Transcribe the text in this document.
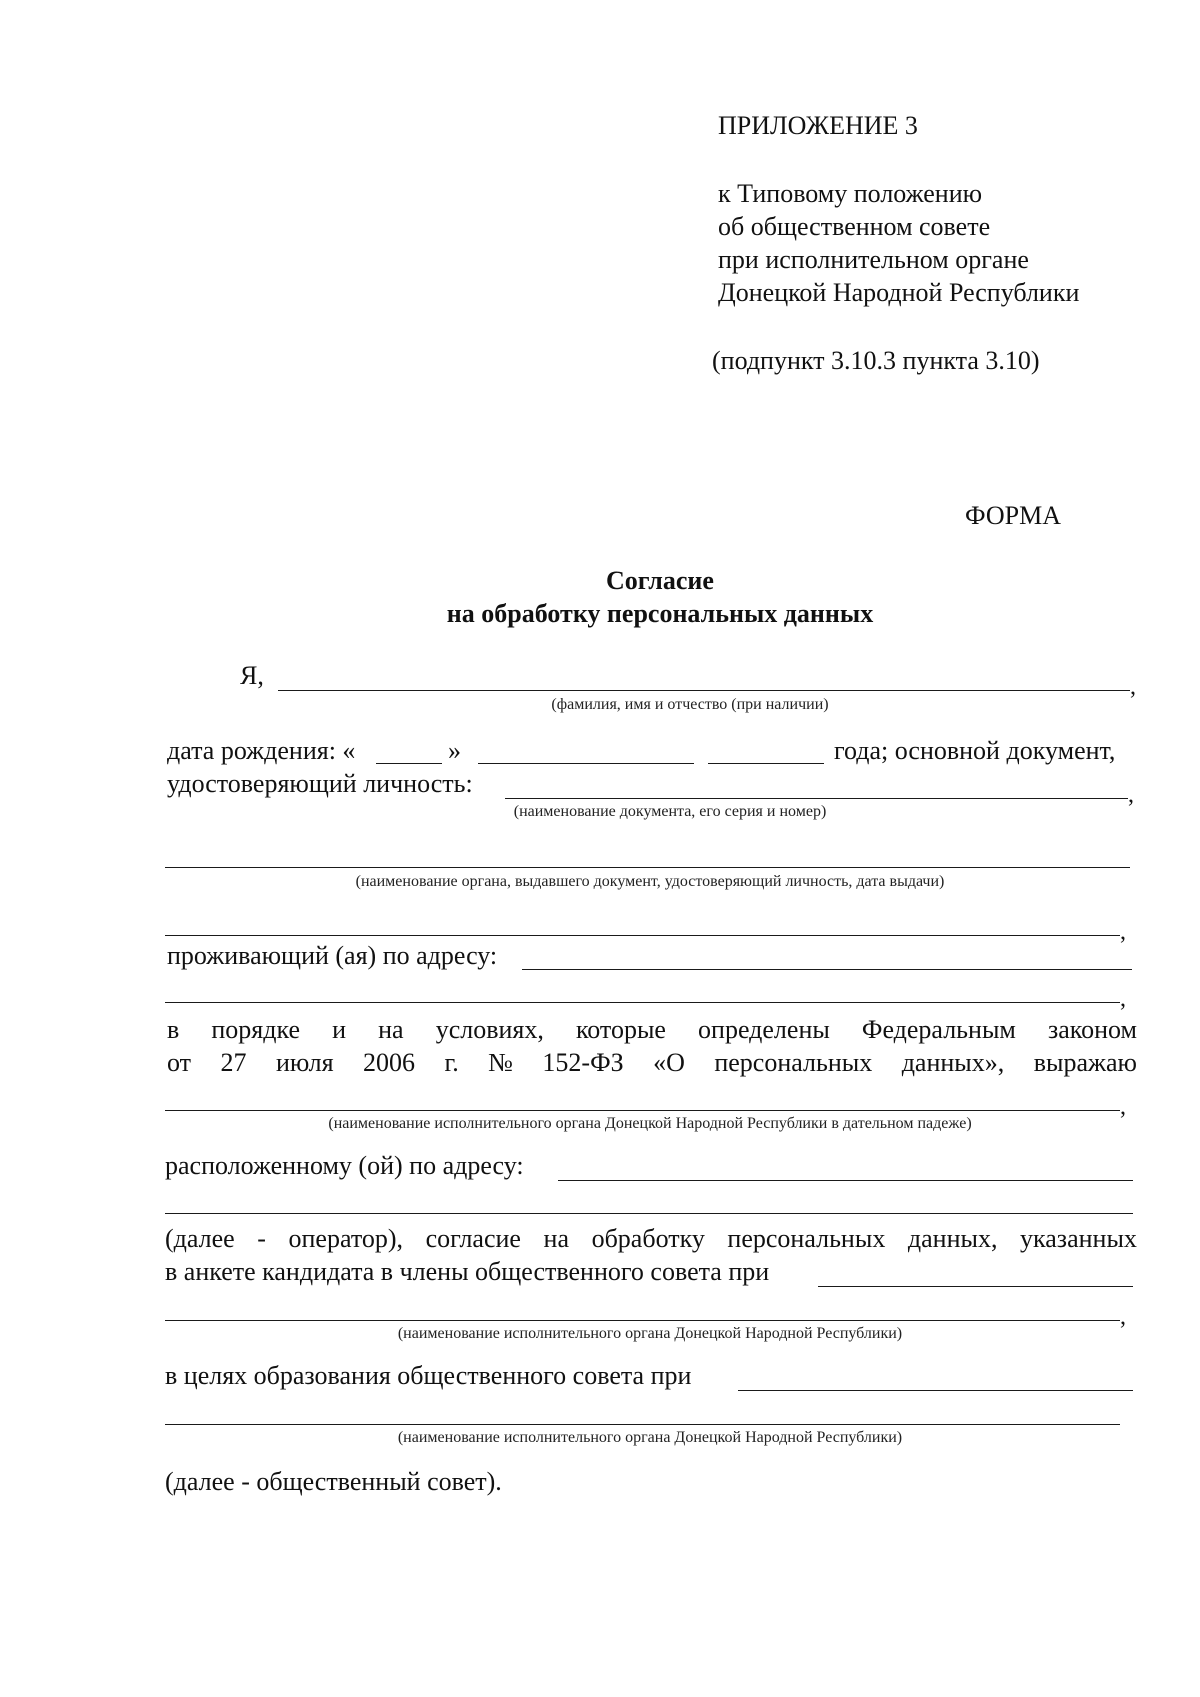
ПРИЛОЖЕНИЕ 3
к Типовому положению
об общественном совете
при исполнительном органе
Донецкой Народной Республики
(подпункт 3.10.3 пункта 3.10)
ФОРМА
Согласие
на обработку персональных данных
Я,	,
(фамилия, имя и отчество (при наличии)
дата рождения: «	»	года; основной документ,
удостоверяющий личность:	,
(наименование документа, его серия и номер)
(наименование органа, выдавшего документ, удостоверяющий личность, дата выдачи)
,
проживающий (ая) по адресу:
,
в порядке и на условиях, которые определены Федеральным законом
от 27 июля 2006 г. № 152-ФЗ «О персональных данных», выражаю
,
(наименование исполнительного органа Донецкой Народной Республики в дательном падеже)
расположенному (ой) по адресу:
(далее - оператор), согласие на обработку персональных данных, указанных
в анкете кандидата в члены общественного совета при
,
(наименование исполнительного органа Донецкой Народной Республики)
в целях образования общественного совета при
(наименование исполнительного органа Донецкой Народной Республики)
(далее - общественный совет).
